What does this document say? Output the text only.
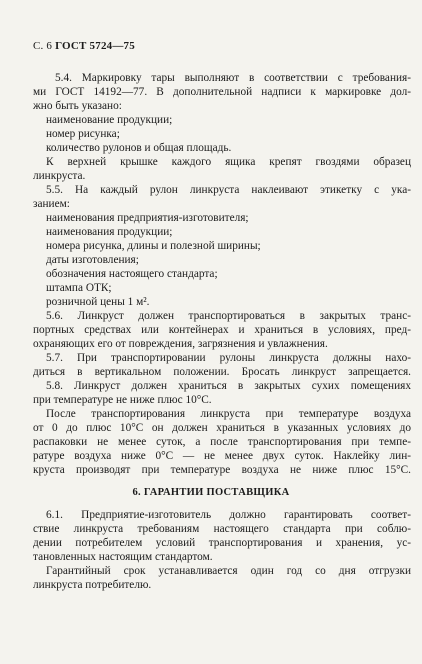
С. 6 ГОСТ 5724—75
5.4. Маркировку тары выполняют в соответствии с требования-
ми ГОСТ 14192—77. В дополнительной надписи к маркировке дол-
жно быть указано:
наименование продукции;
номер рисунка;
количество рулонов и общая площадь.
К верхней крышке каждого ящика крепят гвоздями образец
линкруста.
5.5. На каждый рулон линкруста наклеивают этикетку с ука-
занием:
наименования предприятия-изготовителя;
наименования продукции;
номера рисунка, длины и полезной ширины;
даты изготовления;
обозначения настоящего стандарта;
штампа ОТК;
розничной цены 1 м².
5.6. Линкруст должен транспортироваться в закрытых транс-
портных средствах или контейнерах и храниться в условиях, пред-
охраняющих его от повреждения, загрязнения и увлажнения.
5.7. При транспортировании рулоны линкруста должны нахо-
диться в вертикальном положении. Бросать линкруст запрещается.
5.8. Линкруст должен храниться в закрытых сухих помещениях
при температуре не ниже плюс 10°С.
После транспортирования линкруста при температуре воздуха
от 0 до плюс 10°С он должен храниться в указанных условиях до
распаковки не менее суток, а после транспортирования при темпе-
ратуре воздуха ниже 0°С — не менее двух суток. Наклейку лин-
круста производят при температуре воздуха не ниже плюс 15°С.
6. ГАРАНТИИ ПОСТАВЩИКА
6.1. Предприятие-изготовитель должно гарантировать соответ-
ствие линкруста требованиям настоящего стандарта при соблю-
дении потребителем условий транспортирования и хранения, ус-
тановленных настоящим стандартом.
Гарантийный срок устанавливается один год со дня отгрузки
линкруста потребителю.
